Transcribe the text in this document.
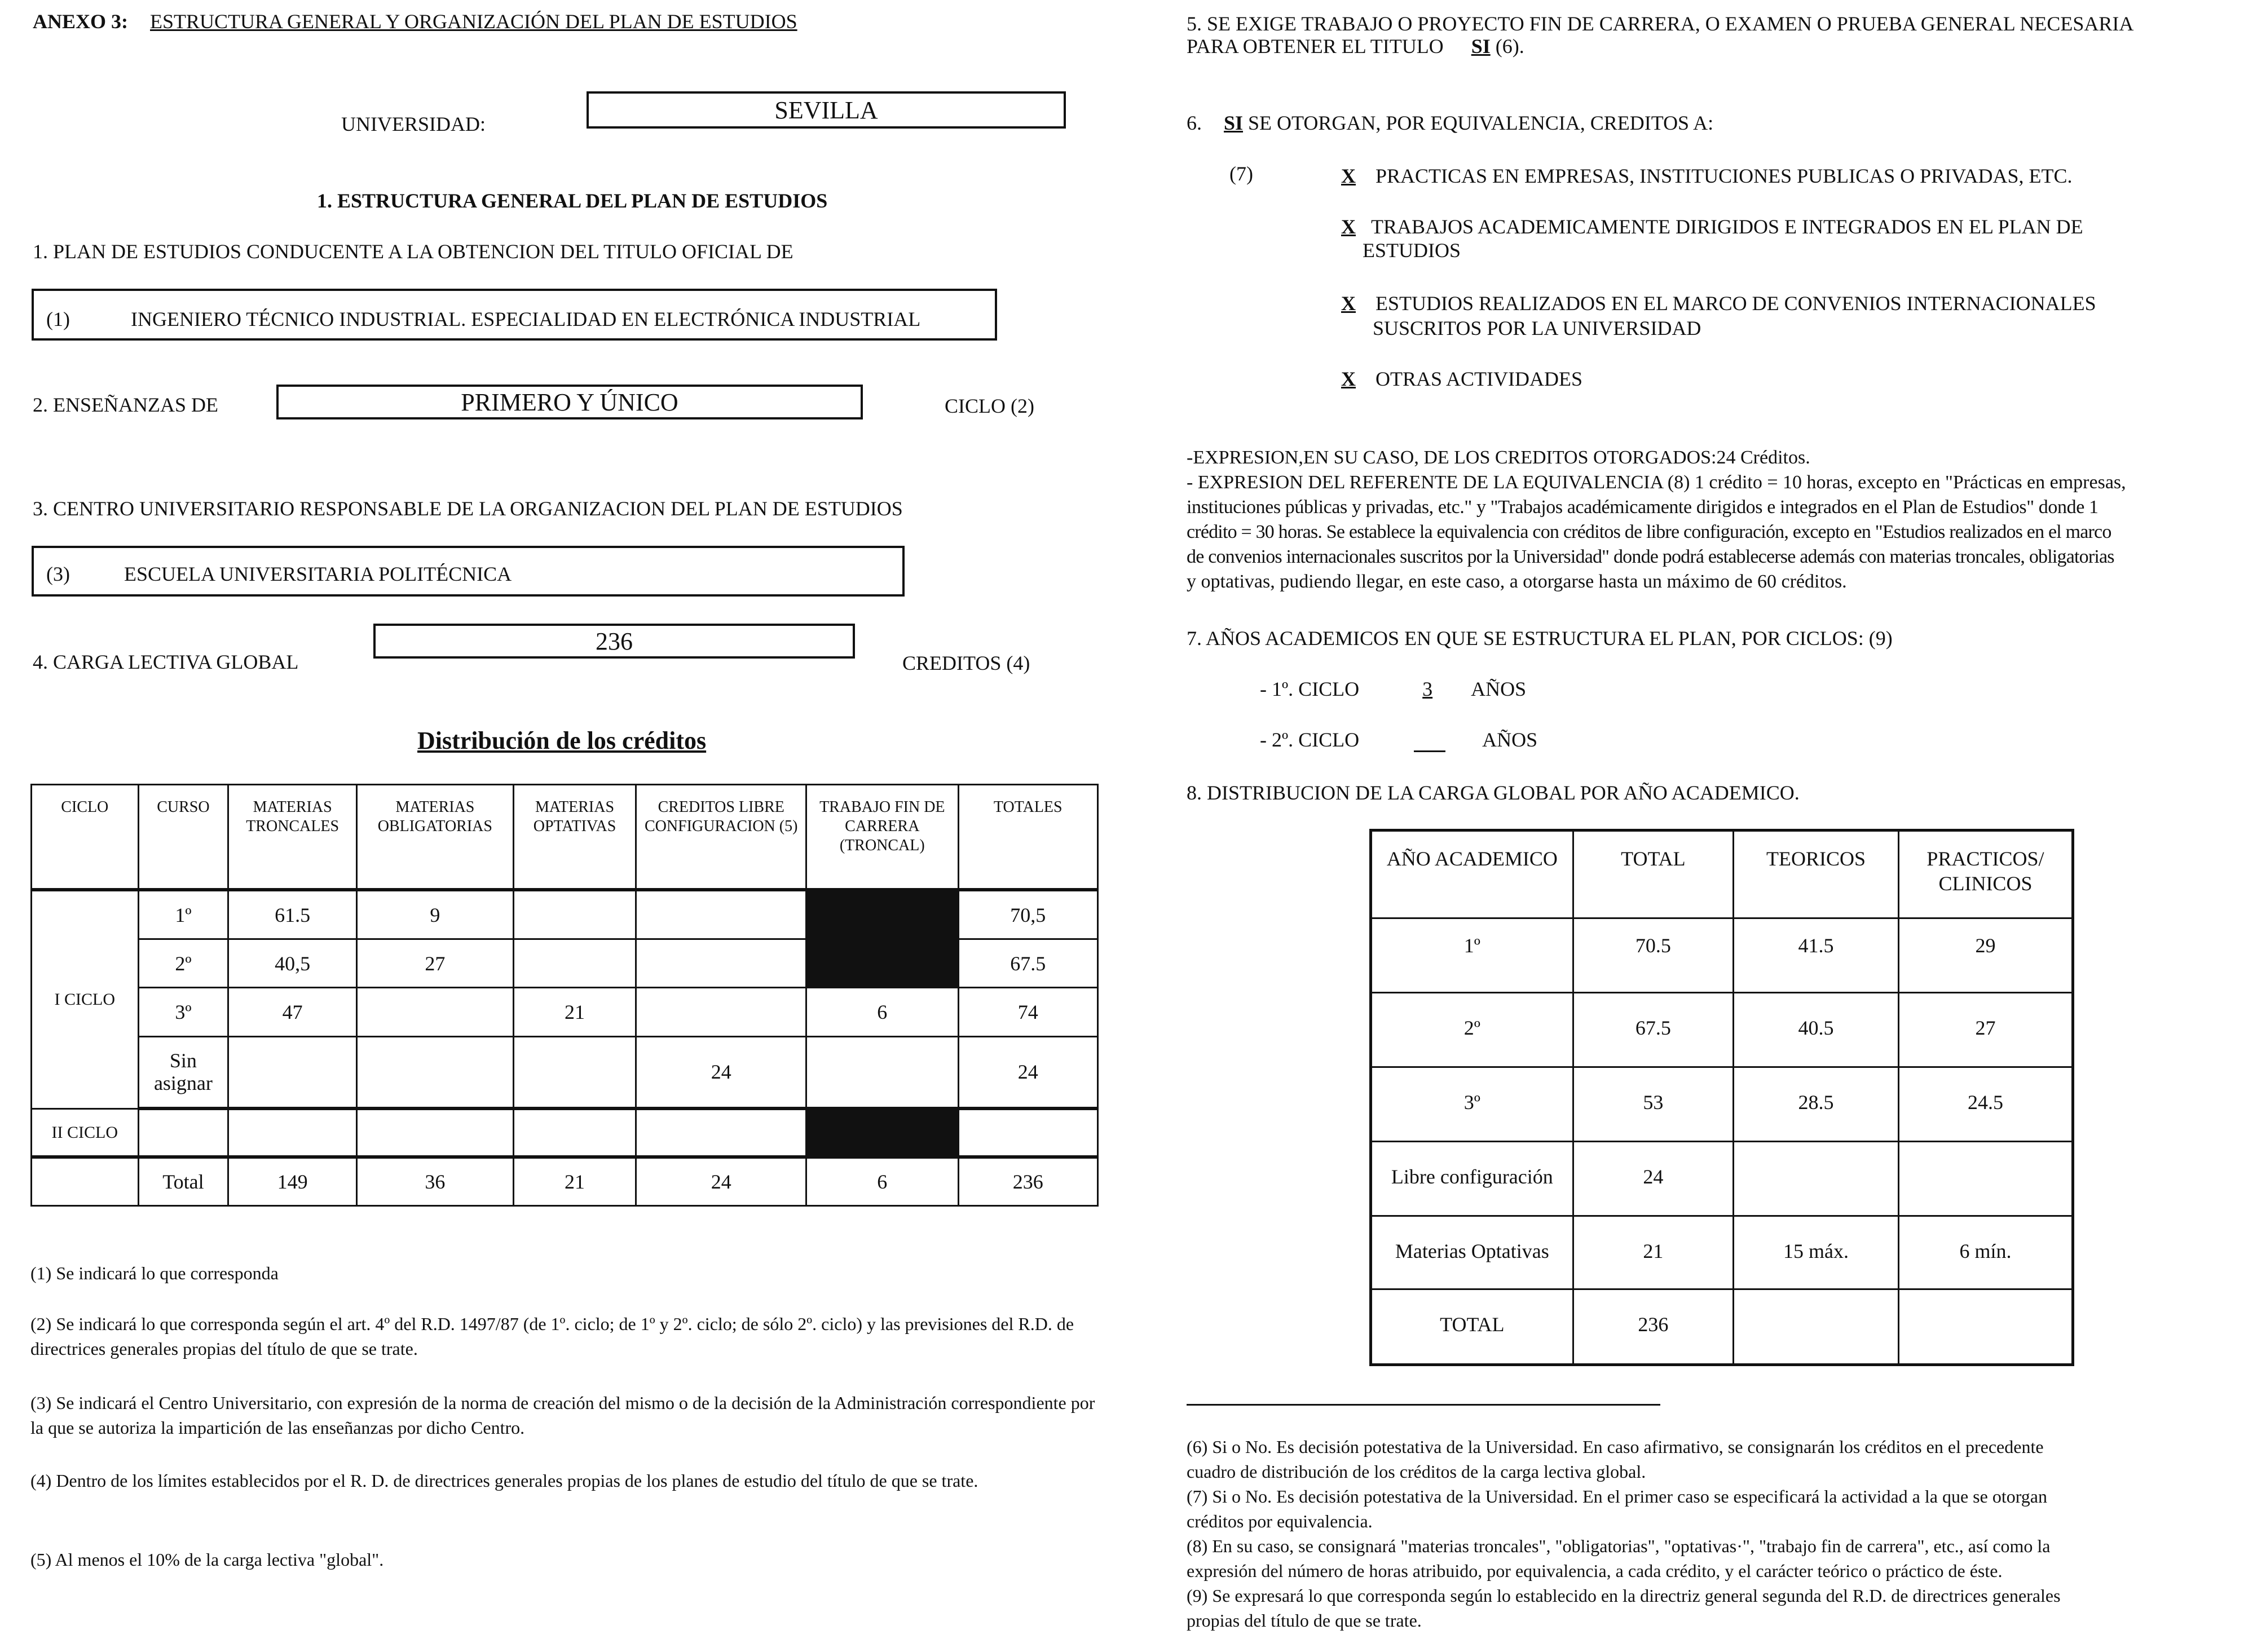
ANEXO 3: ESTRUCTURA GENERAL Y ORGANIZACIÓN DEL PLAN DE ESTUDIOS
UNIVERSIDAD:	SEVILLA
1. ESTRUCTURA GENERAL DEL PLAN DE ESTUDIOS
1. PLAN DE ESTUDIOS CONDUCENTE A LA OBTENCION DEL TITULO OFICIAL DE
(1)	INGENIERO TÉCNICO INDUSTRIAL. ESPECIALIDAD EN ELECTRÓNICA INDUSTRIAL
2. ENSEÑANZAS DE	PRIMERO Y ÚNICO	CICLO (2)
3. CENTRO UNIVERSITARIO RESPONSABLE DE LA ORGANIZACION DEL PLAN DE ESTUDIOS
(3)	ESCUELA UNIVERSITARIA POLITÉCNICA
4. CARGA LECTIVA GLOBAL
236
CREDITOS (4)
Distribución de los créditos
CICLO	CURSO	MATERIAS TRONCALES	MATERIAS OBLIGATORIAS	MATERIAS OPTATIVAS	CREDITOS LIBRE CONFIGURACION (5)	TRABAJO FIN DE CARRERA (TRONCAL)	TOTALES
I CICLO	1º	61.5	9				70,5
	2º	40,5	27				67.5
	3º	47		21		6	74
	Sin asignar				24		24
II CICLO							
	Total	149	36	21	24	6	236
(1) Se indicará lo que corresponda
(2) Se indicará lo que corresponda según el art. 4º del R.D. 1497/87 (de 1º. ciclo; de 1º y 2º. ciclo; de sólo 2º. ciclo) y las previsiones del R.D. de directrices generales propias del título de que se trate.
(3) Se indicará el Centro Universitario, con expresión de la norma de creación del mismo o de la decisión de la Administración correspondiente por la que se autoriza la impartición de las enseñanzas por dicho Centro.
(4) Dentro de los límites establecidos por el R. D. de directrices generales propias de los planes de estudio del título de que se trate.
(5) Al menos el 10% de la carga lectiva "global".
5. SE EXIGE TRABAJO O PROYECTO FIN DE CARRERA, O EXAMEN O PRUEBA GENERAL NECESARIA
PARA OBTENER EL TITULO SI (6).
6. SI SE OTORGAN, POR EQUIVALENCIA, CREDITOS A:
(7)	X PRACTICAS EN EMPRESAS, INSTITUCIONES PUBLICAS O PRIVADAS, ETC.
X TRABAJOS ACADEMICAMENTE DIRIGIDOS E INTEGRADOS EN EL PLAN DE
ESTUDIOS
X ESTUDIOS REALIZADOS EN EL MARCO DE CONVENIOS INTERNACIONALES
SUSCRITOS POR LA UNIVERSIDAD
X OTRAS ACTIVIDADES
-EXPRESION,EN SU CASO, DE LOS CREDITOS OTORGADOS:24 Créditos.
- EXPRESION DEL REFERENTE DE LA EQUIVALENCIA (8) 1 crédito = 10 horas, excepto en "Prácticas en empresas,
instituciones públicas y privadas, etc." y "Trabajos académicamente dirigidos e integrados en el Plan de Estudios" donde 1
crédito = 30 horas. Se establece la equivalencia con créditos de libre configuración, excepto en "Estudios realizados en el marco
de convenios internacionales suscritos por la Universidad" donde podrá establecerse además con materias troncales, obligatorias
y optativas, pudiendo llegar, en este caso, a otorgarse hasta un máximo de 60 créditos.
7. AÑOS ACADEMICOS EN QUE SE ESTRUCTURA EL PLAN, POR CICLOS: (9)
- 1º. CICLO	3 AÑOS
- 2º. CICLO	AÑOS
8. DISTRIBUCION DE LA CARGA GLOBAL POR AÑO ACADEMICO.
AÑO ACADEMICO	TOTAL	TEORICOS	PRACTICOS/ CLINICOS
1º	70.5	41.5	29
2º	67.5	40.5	27
3º	53	28.5	24.5
Libre configuración	24		
Materias Optativas	21	15 máx.	6 mín.
TOTAL	236		
(6) Si o No. Es decisión potestativa de la Universidad. En caso afirmativo, se consignarán los créditos en el precedente
cuadro de distribución de los créditos de la carga lectiva global.
(7) Si o No. Es decisión potestativa de la Universidad. En el primer caso se especificará la actividad a la que se otorgan
créditos por equivalencia.
(8) En su caso, se consignará "materias troncales", "obligatorias", "optativas·", "trabajo fin de carrera", etc., así como la
expresión del número de horas atribuido, por equivalencia, a cada crédito, y el carácter teórico o práctico de éste.
(9) Se expresará lo que corresponda según lo establecido en la directriz general segunda del R.D. de directrices generales
propias del título de que se trate.
